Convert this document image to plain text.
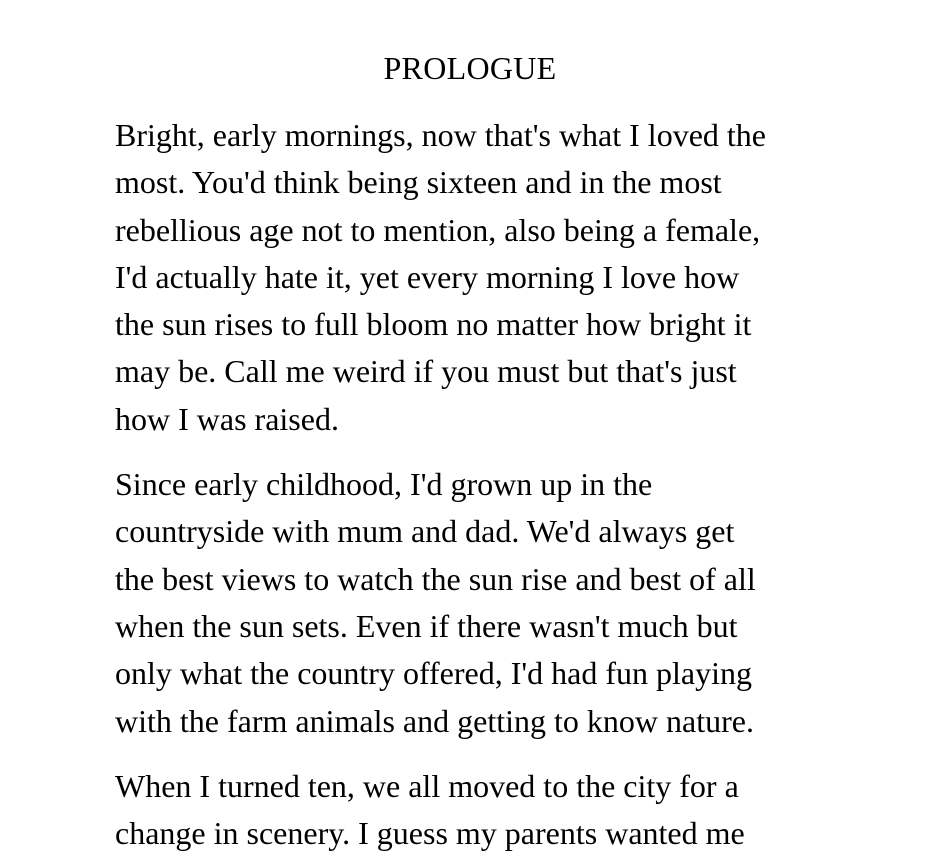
PROLOGUE

Bright, early mornings, now that's what I loved the
most. You'd think being sixteen and in the most
rebellious age not to mention, also being a female,
I'd actually hate it, yet every morning I love how
the sun rises to full bloom no matter how bright it
may be. Call me weird if you must but that's just
how I was raised.

Since early childhood, I'd grown up in the
countryside with mum and dad. We'd always get
the best views to watch the sun rise and best of all
when the sun sets. Even if there wasn't much but
only what the country offered, I'd had fun playing
with the farm animals and getting to know nature.

When I turned ten, we all moved to the city for a
change in scenery. I guess my parents wanted me
